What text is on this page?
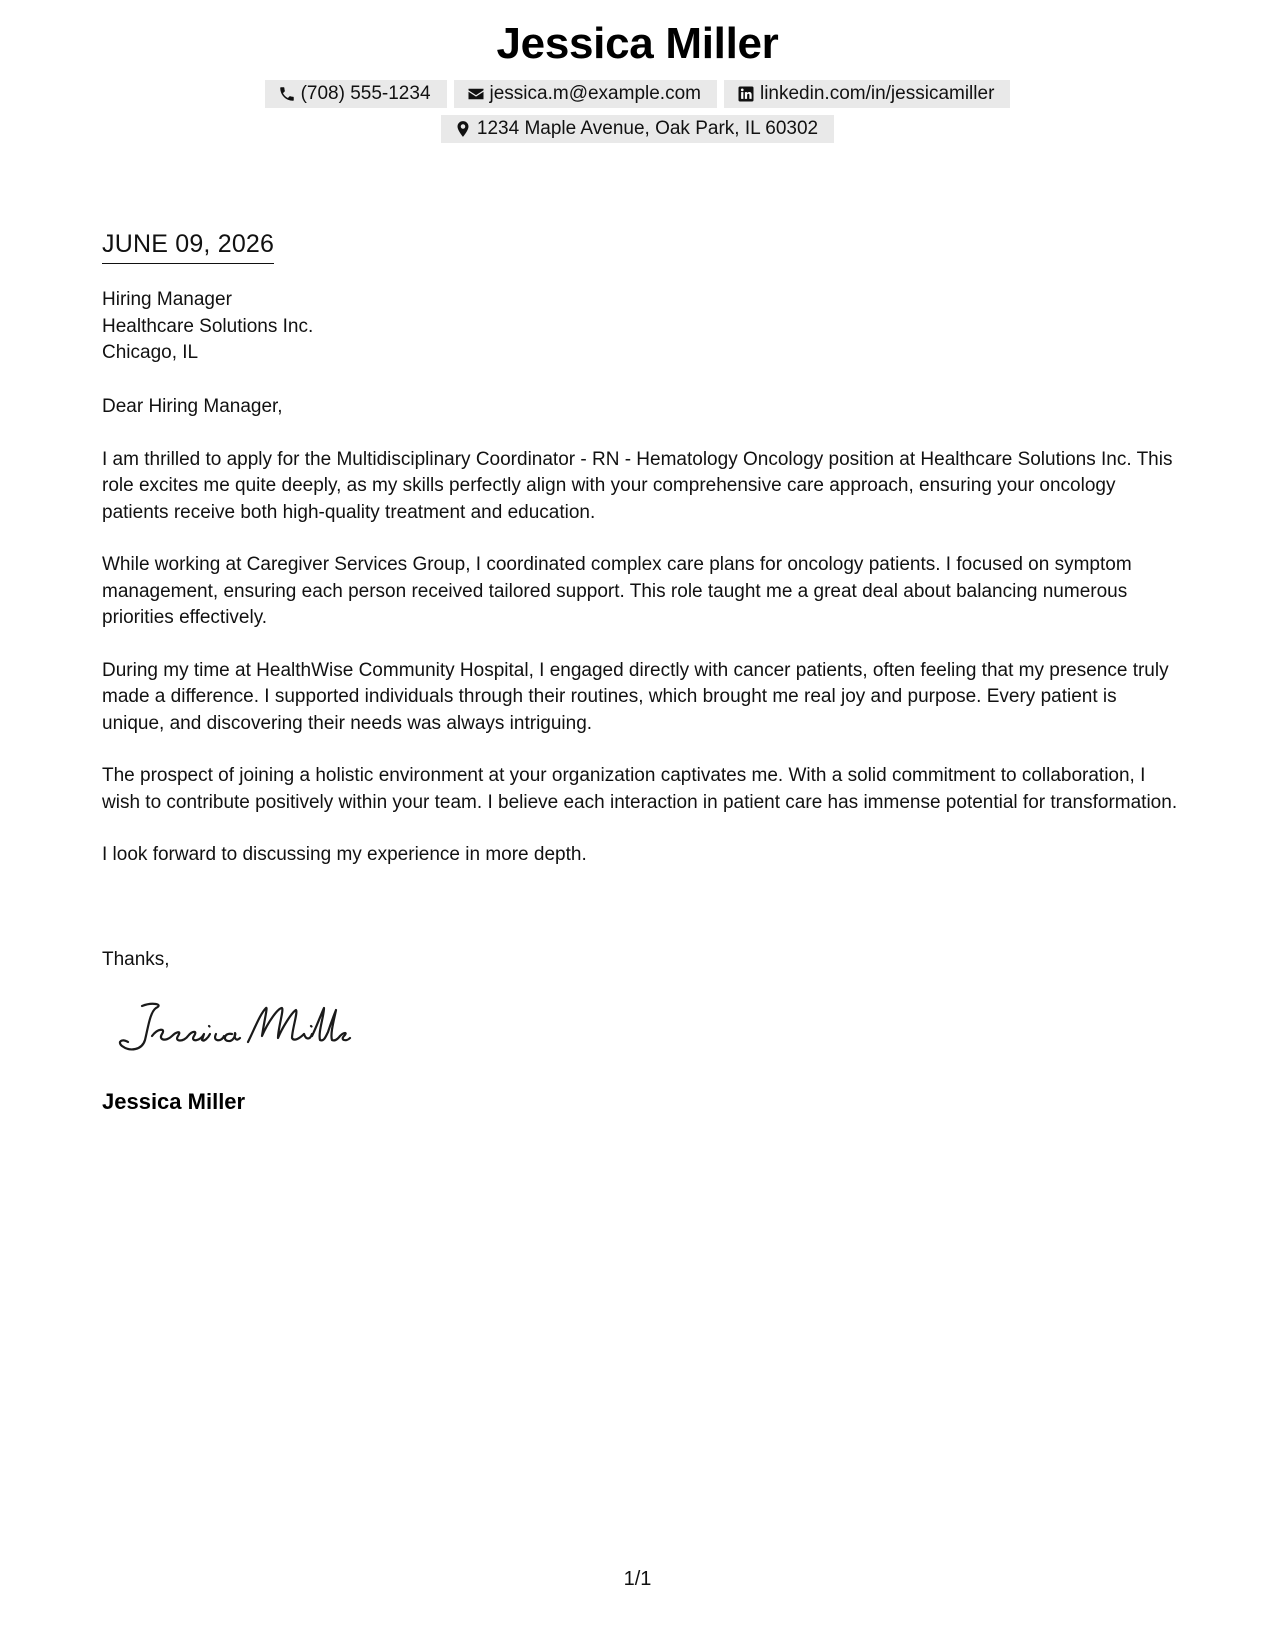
Jessica Miller
(708) 555-1234	jessica.m@example.com	linkedin.com/in/jessicamiller
1234 Maple Avenue, Oak Park, IL 60302
JUNE 09, 2026
Hiring Manager
Healthcare Solutions Inc.
Chicago, IL

Dear Hiring Manager,

I am thrilled to apply for the Multidisciplinary Coordinator - RN - Hematology Oncology position at Healthcare Solutions Inc. This role excites me quite deeply, as my skills perfectly align with your comprehensive care approach, ensuring your oncology patients receive both high-quality treatment and education.

While working at Caregiver Services Group, I coordinated complex care plans for oncology patients. I focused on symptom management, ensuring each person received tailored support. This role taught me a great deal about balancing numerous priorities effectively.

During my time at HealthWise Community Hospital, I engaged directly with cancer patients, often feeling that my presence truly made a difference. I supported individuals through their routines, which brought me real joy and purpose. Every patient is unique, and discovering their needs was always intriguing.

The prospect of joining a holistic environment at your organization captivates me. With a solid commitment to collaboration, I wish to contribute positively within your team. I believe each interaction in patient care has immense potential for transformation.

I look forward to discussing my experience in more depth.

Thanks,
Jessica Miller
1/1
